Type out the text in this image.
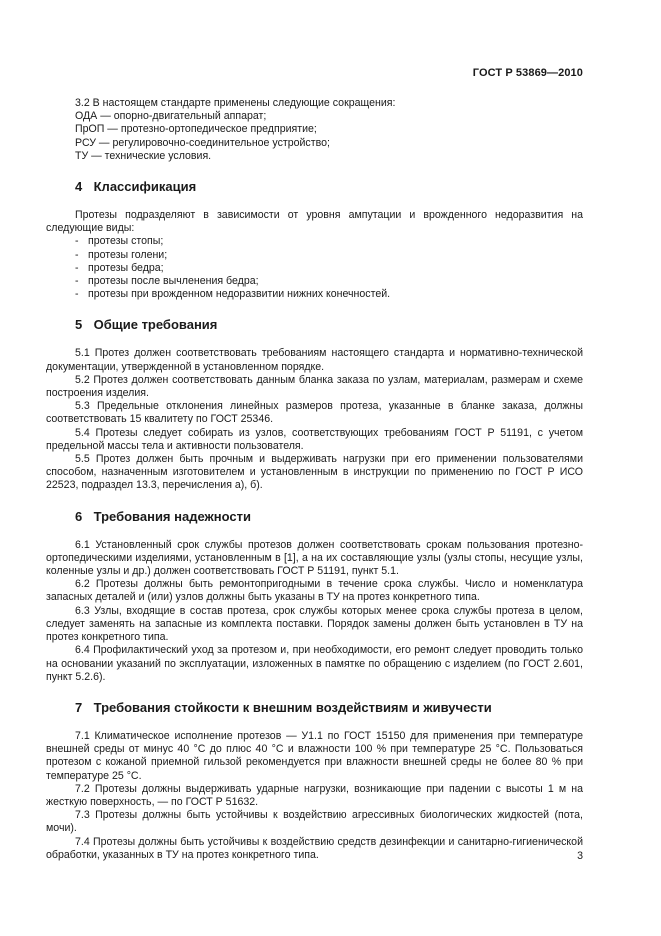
ГОСТ Р 53869—2010

3.2 В настоящем стандарте применены следующие сокращения:

ОДА — опорно-двигательный аппарат;

ПрОП — протезно-ортопедическое предприятие;

РСУ — регулировочно-соединительное устройство;

ТУ — технические условия.

4 Классификация

Протезы подразделяют в зависимости от уровня ампутации и врожденного недоразвития на следующие виды:

- протезы стопы;

- протезы голени;

- протезы бедра;

- протезы после вычленения бедра;

- протезы при врожденном недоразвитии нижних конечностей.

5 Общие требования

5.1 Протез должен соответствовать требованиям настоящего стандарта и нормативно-технической документации, утвержденной в установленном порядке.

5.2 Протез должен соответствовать данным бланка заказа по узлам, материалам, размерам и схеме построения изделия.

5.3 Предельные отклонения линейных размеров протеза, указанные в бланке заказа, должны соответствовать 15 квалитету по ГОСТ 25346.

5.4 Протезы следует собирать из узлов, соответствующих требованиям ГОСТ Р 51191, с учетом предельной массы тела и активности пользователя.

5.5 Протез должен быть прочным и выдерживать нагрузки при его применении пользователями способом, назначенным изготовителем и установленным в инструкции по применению по ГОСТ Р ИСО 22523, подраздел 13.3, перечисления а), б).

6 Требования надежности

6.1 Установленный срок службы протезов должен соответствовать срокам пользования протезно-ортопедическими изделиями, установленным в [1], а на их составляющие узлы (узлы стопы, несущие узлы, коленные узлы и др.) должен соответствовать ГОСТ Р 51191, пункт 5.1.

6.2 Протезы должны быть ремонтопригодными в течение срока службы. Число и номенклатура запасных деталей и (или) узлов должны быть указаны в ТУ на протез конкретного типа.

6.3 Узлы, входящие в состав протеза, срок службы которых менее срока службы протеза в целом, следует заменять на запасные из комплекта поставки. Порядок замены должен быть установлен в ТУ на протез конкретного типа.

6.4 Профилактический уход за протезом и, при необходимости, его ремонт следует проводить только на основании указаний по эксплуатации, изложенных в памятке по обращению с изделием (по ГОСТ 2.601, пункт 5.2.6).

7 Требования стойкости к внешним воздействиям и живучести

7.1 Климатическое исполнение протезов — У1.1 по ГОСТ 15150 для применения при температуре внешней среды от минус 40 °С до плюс 40 °С и влажности 100 % при температуре 25 °С. Пользоваться протезом с кожаной приемной гильзой рекомендуется при влажности внешней среды не более 80 % при температуре 25 °С.

7.2 Протезы должны выдерживать ударные нагрузки, возникающие при падении с высоты 1 м на жесткую поверхность, — по ГОСТ Р 51632.

7.3 Протезы должны быть устойчивы к воздействию агрессивных биологических жидкостей (пота, мочи).

7.4 Протезы должны быть устойчивы к воздействию средств дезинфекции и санитарно-гигиенической обработки, указанных в ТУ на протез конкретного типа.	3
